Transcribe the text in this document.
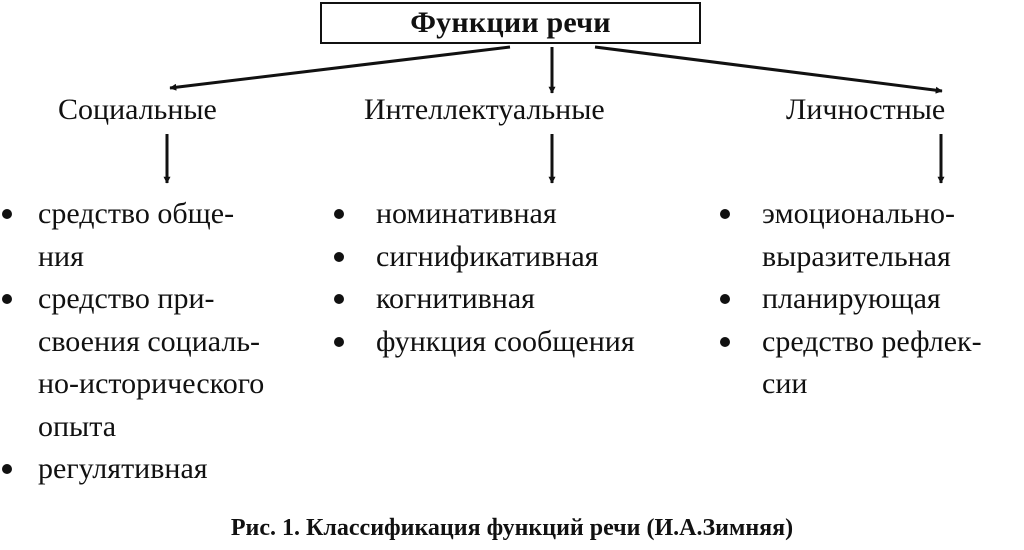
Функции речи
Социальные	Интеллектуальные	Личностные
средство обще-
ния
средство при-
своения социаль-
но-исторического
опыта
регулятивная
номинативная
сигнификативная
когнитивная
функция сообщения
эмоционально-
выразительная
планирующая
средство рефлек-
сии
Рис. 1. Классификация функций речи (И.А.Зимняя)
